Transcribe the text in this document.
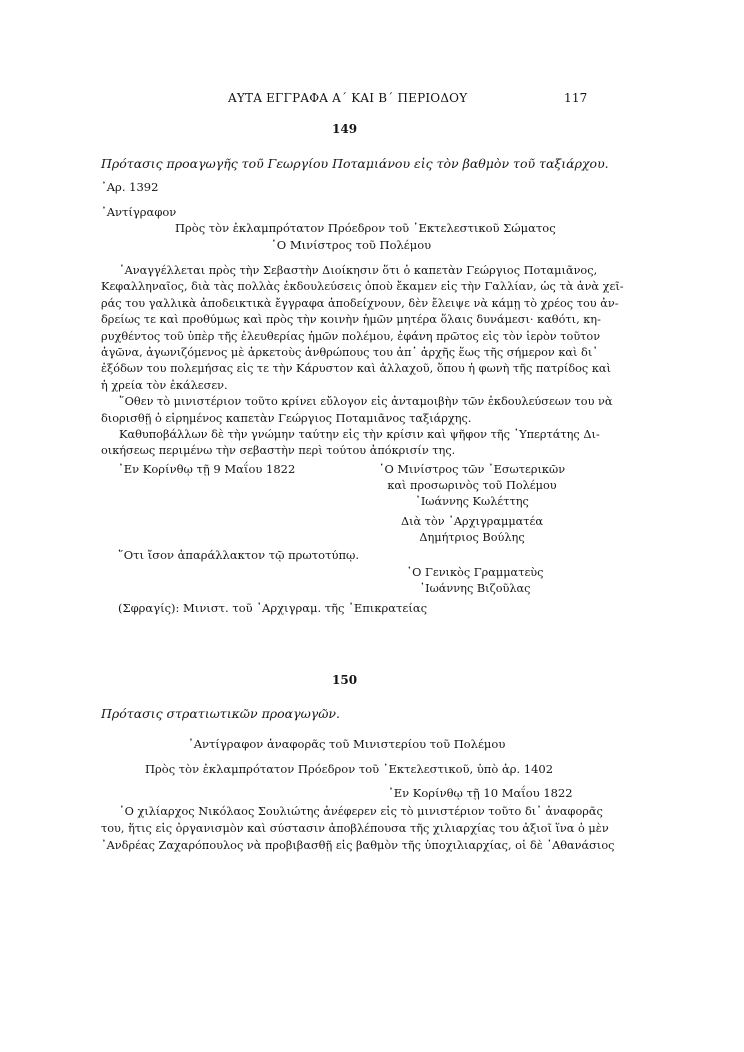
ΑΥΤΑ ΕΓΓΡΑΦΑ Α΄ ΚΑΙ Β΄ ΠΕΡΙΟΔΟΥ	117
149
Πρότασις προαγωγῆς τοῦ Γεωργίου Ποταμιάνου εἰς τὸν βαθμὸν τοῦ ταξιάρχου.
᾿Αρ. 1392
᾿Αντίγραφον
Πρὸς τὸν ἐκλαμπρότατον Πρόεδρον τοῦ ᾿Εκτελεστικοῦ Σώματος
῾Ο Μινίστρος τοῦ Πολέμου

᾿Αναγγέλλεται πρὸς τὴν Σεβαστὴν Διοίκησιν ὅτι ὁ καπετὰν Γεώργιος Ποταμιᾶνος,

Κεφαλληναῖος, διὰ τὰς πολλὰς ἐκδουλεύσεις ὁποὺ ἔκαμεν εἰς τὴν Γαλλίαν, ὡς τὰ ἀνὰ χεῖ-

ράς του γαλλικὰ ἀποδεικτικὰ ἔγγραφα ἀποδείχνουν, δὲν ἔλειψε νὰ κάμῃ τὸ χρέος του ἀν-

δρείως τε καὶ προθύμως καὶ πρὸς τὴν κοινὴν ἡμῶν μητέρα ὅλαις δυνάμεσι· καθότι, κη-

ρυχθέντος τοῦ ὑπὲρ τῆς ἐλευθερίας ἡμῶν πολέμου, ἐφάνη πρῶτος εἰς τὸν ἱερὸν τοῦτον

ἀγῶνα, ἀγωνιζόμενος μὲ ἀρκετοὺς ἀνθρώπους του ἀπ᾿ ἀρχῆς ἕως τῆς σήμερον καὶ δι᾿

ἐξόδων του πολεμήσας εἰς τε τὴν Κάρυστον καὶ ἀλλαχοῦ, ὅπου ἡ φωνὴ τῆς πατρίδος καὶ

ἡ χρεία τὸν ἐκάλεσεν.

῞Οθεν τὸ μινιστέριον τοῦτο κρίνει εὔλογον εἰς ἀνταμοιβὴν τῶν ἐκδουλεύσεων του νὰ

διορισθῇ ὁ εἰρημένος καπετὰν Γεώργιος Ποταμιᾶνος ταξιάρχης.

Καθυποβάλλων δὲ τὴν γνώμην ταύτην εἰς τὴν κρίσιν καὶ ψῆφον τῆς ῾Υπερτάτης Δι-

οικήσεως περιμένω τὴν σεβαστὴν περὶ τούτου ἀπόκρισίν της.

᾿Εν Κορίνθῳ τῇ 9 Μαΐου 1822	῾Ο Μινίστρος τῶν ᾿Εσωτερικῶν
καὶ προσωρινὸς τοῦ Πολέμου
᾿Ιωάννης Κωλέττης
Διὰ τὸν ᾿Αρχιγραμματέα
Δημήτριος Βούλης
῞Οτι ἴσον ἀπαράλλακτον τῷ πρωτοτύπῳ.
῾Ο Γενικὸς Γραμματεὺς
᾿Ιωάννης Βιζοῦλας
(Σφραγίς): Μινιστ. τοῦ ᾿Αρχιγραμ. τῆς ᾿Επικρατείας
150
Πρότασις στρατιωτικῶν προαγωγῶν.
᾿Αντίγραφον ἀναφορᾶς τοῦ Μινιστερίου τοῦ Πολέμου
Πρὸς τὸν ἐκλαμπρότατον Πρόεδρον τοῦ ᾿Εκτελεστικοῦ, ὑπὸ ἀρ. 1402
᾿Εν Κορίνθῳ τῇ 10 Μαΐου 1822

῾Ο χιλίαρχος Νικόλαος Σουλιώτης ἀνέφερεν εἰς τὸ μινιστέριον τοῦτο δι᾿ ἀναφορᾶς

του, ἥτις εἰς ὀργανισμὸν καὶ σύστασιν ἀποβλέπουσα τῆς χιλιαρχίας του ἀξιοῖ ἵνα ὁ μὲν

᾿Ανδρέας Ζαχαρόπουλος νὰ προβιβασθῇ εἰς βαθμὸν τῆς ὑποχιλιαρχίας, οἱ δὲ ᾿Αθανάσιος
